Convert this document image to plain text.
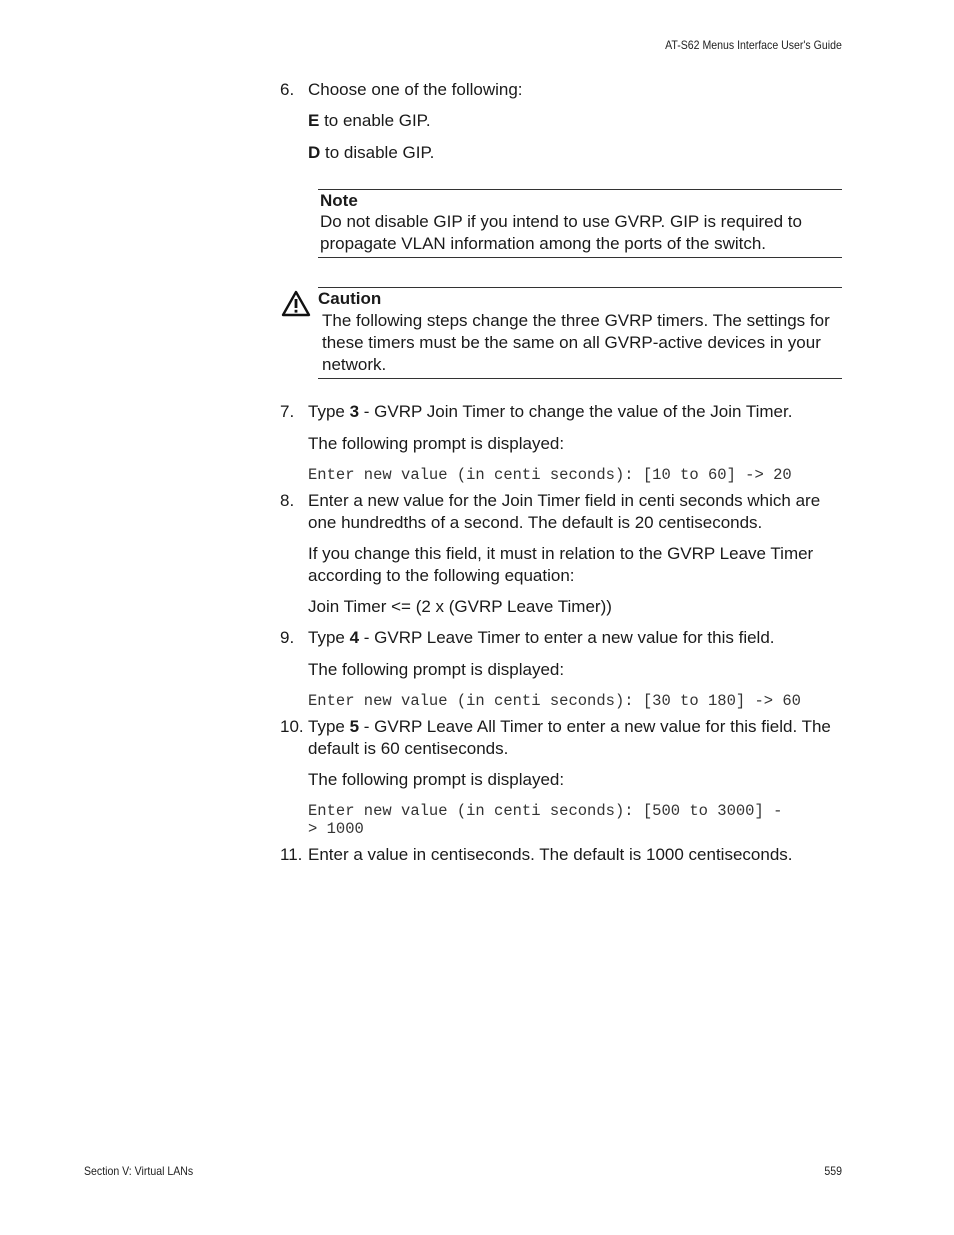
AT-S62 Menus Interface User's Guide
6. Choose one of the following:
E to enable GIP.
D to disable GIP.
Note
Do not disable GIP if you intend to use GVRP. GIP is required to
propagate VLAN information among the ports of the switch.
Caution
The following steps change the three GVRP timers. The settings for
these timers must be the same on all GVRP-active devices in your
network.
7. Type 3 - GVRP Join Timer to change the value of the Join Timer.
The following prompt is displayed:
Enter new value (in centi seconds): [10 to 60] -> 20
8. Enter a new value for the Join Timer field in centi seconds which are
one hundredths of a second. The default is 20 centiseconds.
If you change this field, it must in relation to the GVRP Leave Timer
according to the following equation:
Join Timer <= (2 x (GVRP Leave Timer))
9. Type 4 - GVRP Leave Timer to enter a new value for this field.
The following prompt is displayed:
Enter new value (in centi seconds): [30 to 180] -> 60
10. Type 5 - GVRP Leave All Timer to enter a new value for this field. The
default is 60 centiseconds.
The following prompt is displayed:
Enter new value (in centi seconds): [500 to 3000] -
> 1000
11. Enter a value in centiseconds. The default is 1000 centiseconds.
Section V: Virtual LANs	559
